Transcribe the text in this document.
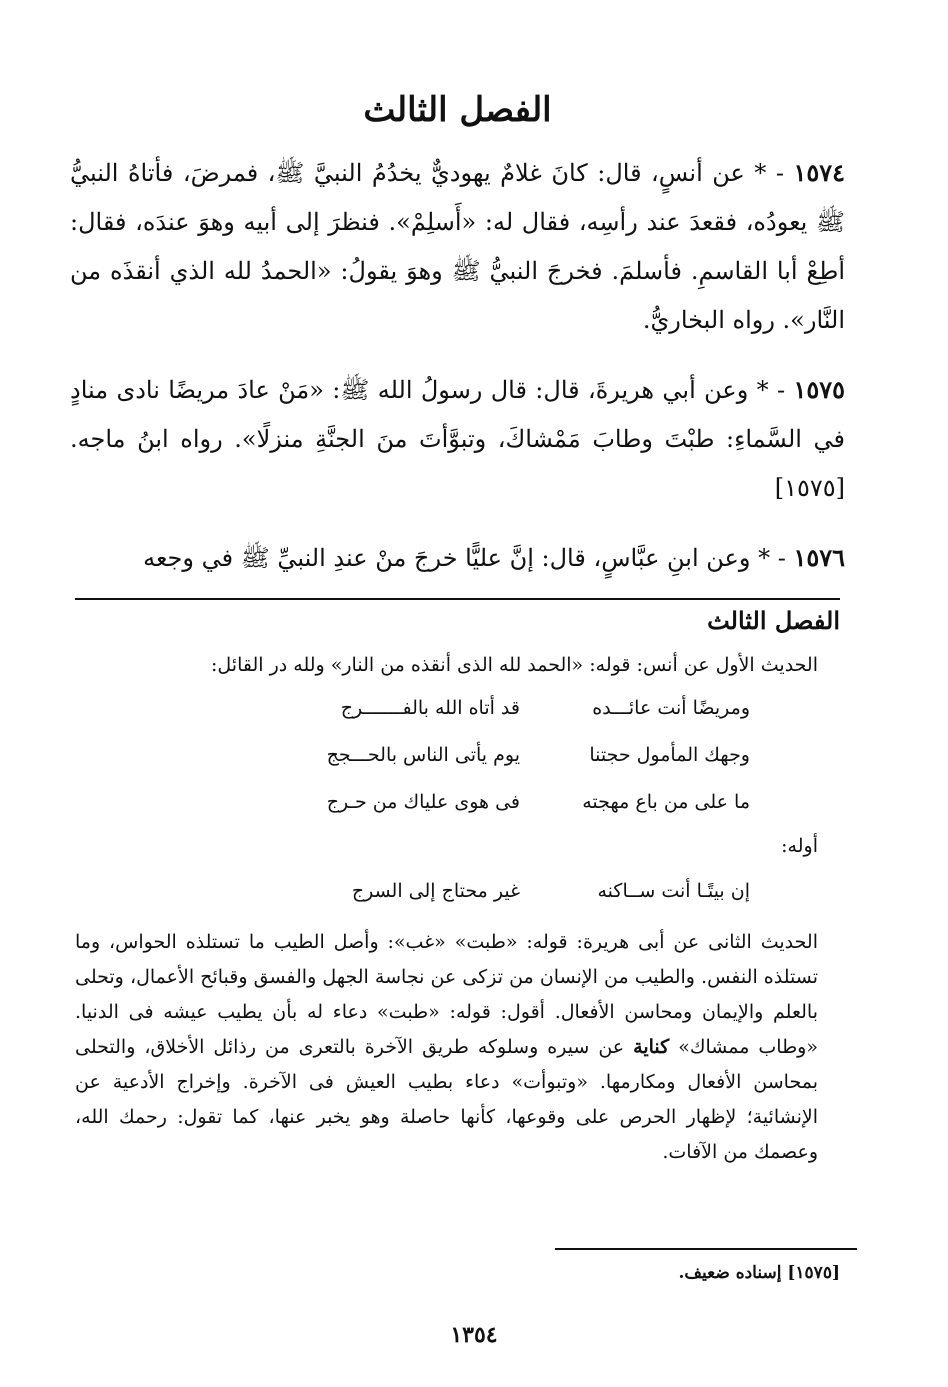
الفصل الثالث

١٥٧٤ - * عن أنسٍ، قال: كانَ غلامٌ يهوديٌّ يخدُمُ النبيَّ ﷺ، فمرضَ، فأتاهُ النبيُّ ﷺ يعودُه، فقعدَ عند رأسِه، فقال له: «أَسلِمْ». فنظرَ إلى أبيه وهوَ عندَه، فقال: أطِعْ أبا القاسمِ. فأسلمَ. فخرجَ النبيُّ ﷺ وهوَ يقولُ: «الحمدُ لله الذي أنقذَه من النَّار». رواه البخاريُّ.

١٥٧٥ - * وعن أبي هريرةَ، قال: قال رسولُ الله ﷺ: «مَنْ عادَ مريضًا نادى منادٍ في السَّماءِ: طبْتَ وطابَ مَمْشاكَ، وتبوَّأتَ منَ الجنَّةِ منزلًا». رواه ابنُ ماجه. [١٥٧٥]

١٥٧٦ - * وعن ابنِ عبَّاسٍ، قال: إنَّ عليًّا خرجَ منْ عندِ النبيِّ ﷺ في وجعه

الفصل الثالث

الحديث الأول عن أنس: قوله: «الحمد لله الذى أنقذه من النار» ولله در القائل:

ومريضًا أنت عائـــده
قد أتاه الله بالفـــــــرج
وجهك المأمول حجتنا
يوم يأتى الناس بالحـــجج
ما على من باع مهجته
فى هوى علياك من حـرج

أوله:

إن بيتًـا أنت ســاكنه
غير محتاج إلى السرج

الحديث الثانى عن أبى هريرة: قوله: «طبت» «غب»: وأصل الطيب ما تستلذه الحواس، وما تستلذه النفس. والطيب من الإنسان من تزكى عن نجاسة الجهل والفسق وقبائح الأعمال، وتحلى بالعلم والإيمان ومحاسن الأفعال. أقول: قوله: «طبت» دعاء له بأن يطيب عيشه فى الدنيا. «وطاب ممشاك» كناية عن سيره وسلوكه طريق الآخرة بالتعرى من رذائل الأخلاق، والتحلى بمحاسن الأفعال ومكارمها. «وتبوأت» دعاء بطيب العيش فى الآخرة. وإخراج الأدعية عن الإنشائية؛ لإظهار الحرص على وقوعها، كأنها حاصلة وهو يخبر عنها، كما تقول: رحمك الله، وعصمك من الآفات.

[١٥٧٥] إسناده ضعيف.
١٣٥٤
